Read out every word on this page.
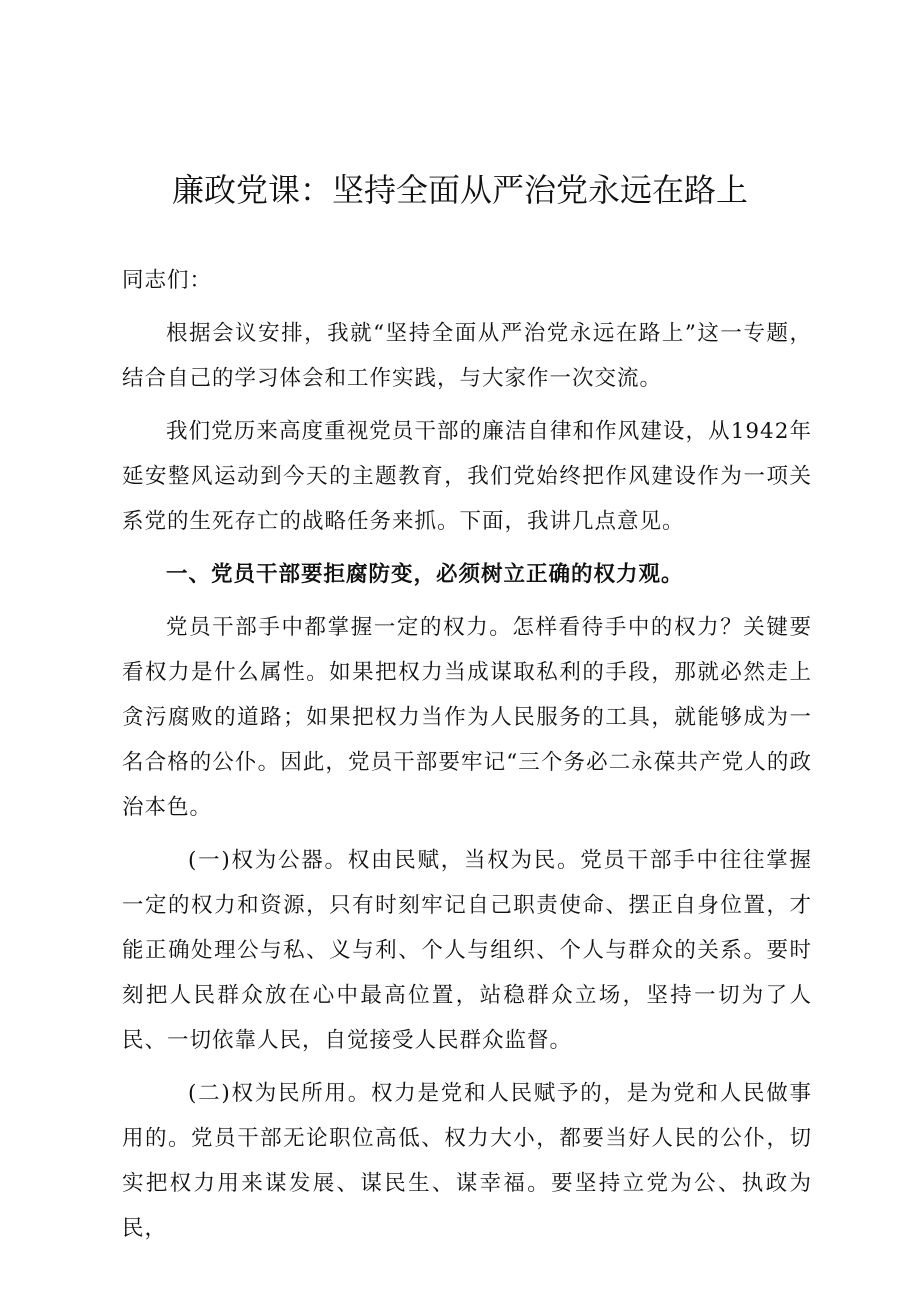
廉政党课：坚持全面从严治党永远在路上

同志们：

根据会议安排，我就“坚持全面从严治党永远在路上”这一专题，结合自己的学习体会和工作实践，与大家作一次交流。

我们党历来高度重视党员干部的廉洁自律和作风建设，从1942年延安整风运动到今天的主题教育，我们党始终把作风建设作为一项关系党的生死存亡的战略任务来抓。下面，我讲几点意见。

一、党员干部要拒腐防变，必须树立正确的权力观。

党员干部手中都掌握一定的权力。怎样看待手中的权力？关键要看权力是什么属性。如果把权力当成谋取私利的手段，那就必然走上贪污腐败的道路；如果把权力当作为人民服务的工具，就能够成为一名合格的公仆。因此，党员干部要牢记“三个务必二永葆共产党人的政治本色。

(一)权为公器。权由民赋，当权为民。党员干部手中往往掌握一定的权力和资源，只有时刻牢记自己职责使命、摆正自身位置，才能正确处理公与私、义与利、个人与组织、个人与群众的关系。要时刻把人民群众放在心中最高位置，站稳群众立场，坚持一切为了人民、一切依靠人民，自觉接受人民群众监督。

(二)权为民所用。权力是党和人民赋予的，是为党和人民做事用的。党员干部无论职位高低、权力大小，都要当好人民的公仆，切实把权力用来谋发展、谋民生、谋幸福。要坚持立党为公、执政为民，
